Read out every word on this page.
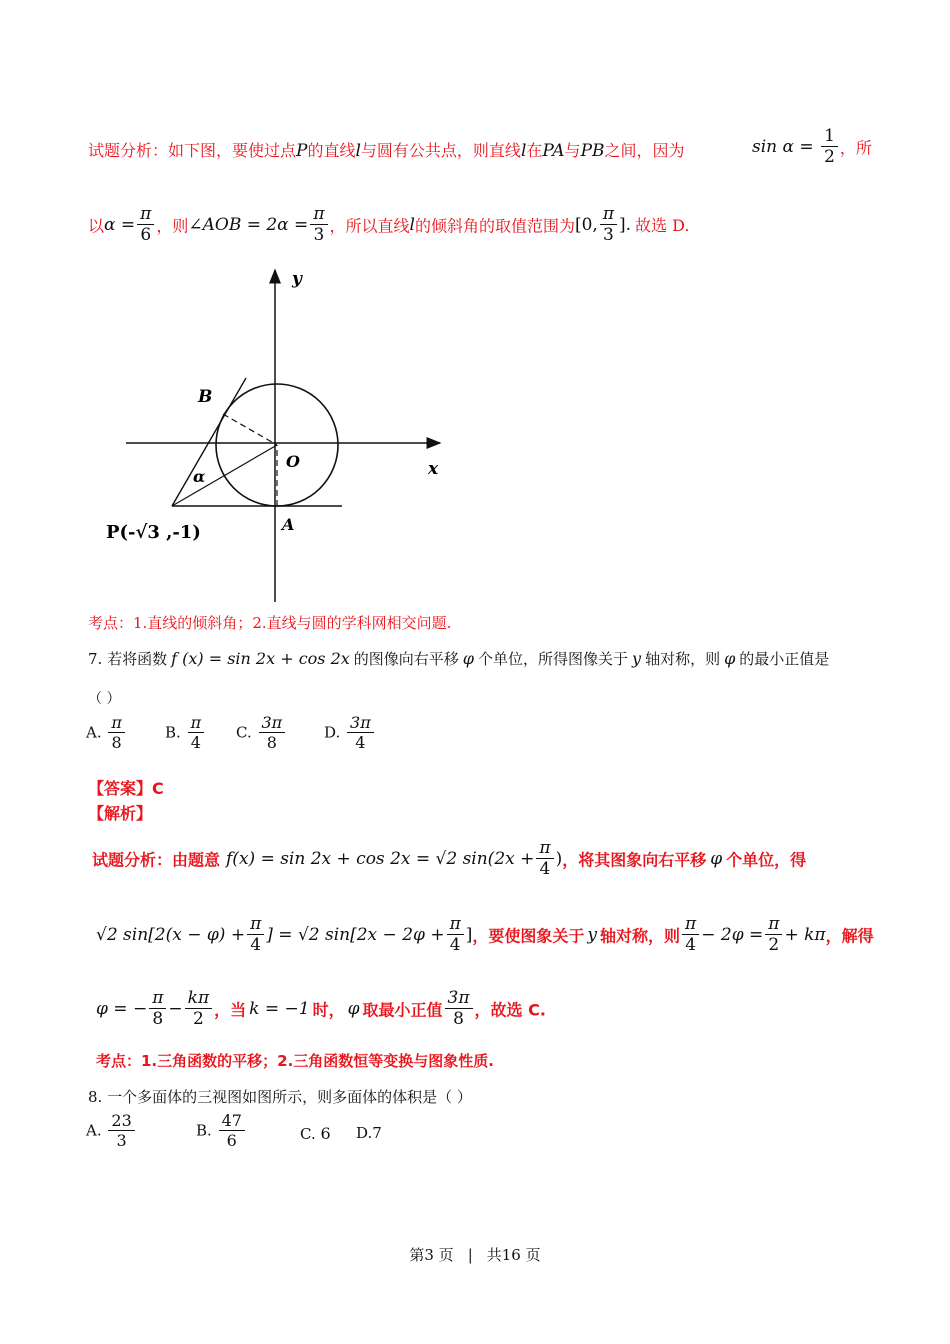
试题分析：如下图，要使过点P的直线l与圆有公共点，则直线l在PA与PB之间，因为	$\sin \alpha = \frac{1}{2}$ ，所
以$\alpha = \frac{\pi}{6}$ ，则∠AOB = $2\alpha = \frac{\pi}{3}$ ，所以直线l的倾斜角的取值范围为[0, $\frac{\pi}{3}$ ]. 故选 D.
y
x
O
B
A
α
P(-√3 ,-1)
考点：1.直线的倾斜角；2.直线与圆的学科网相交问题.
7. 若将函数 f (x) = sin 2x + cos 2x 的图像向右平移 φ 个单位，所得图像关于 y 轴对称，则 φ 的最小正值是
（ ）
A. $\frac{\pi}{8}$	B. $\frac{\pi}{4} C$. $\frac{3\pi}{8}$	D. $\frac{3\pi}{4}$
【答案】C
【解析】
试题分析：由题意 f(x) = sin 2x + cos 2x = √2 $\sin(2x + \frac{\pi}{4}$ )，将其图象向右平移 φ 个单位，得
√2 $\sin[2(x - \varphi) + \frac{\pi}{4}$ ] = √2 $\sin[2x - 2\varphi + \frac{\pi}{4}$ ]，要使图象关于 y 轴对称，则 $\frac{\pi}{4} - 2\varphi = \frac{\pi}{2} + k\pi$，解得
φ = − $\frac{\pi}{8} - \frac{k\pi}{2}$ ，当 k = −1 时， φ 取最小正值 $\frac{3\pi}{8}$ ，故选 C.
考点：1.三角函数的平移；2.三角函数恒等变换与图象性质.
8. 一个多面体的三视图如图所示，则多面体的体积是（ ）
A. $\frac{23}{3}$	B. $\frac{47}{6}$	C. 6 D.7
第3 页 | 共16 页
